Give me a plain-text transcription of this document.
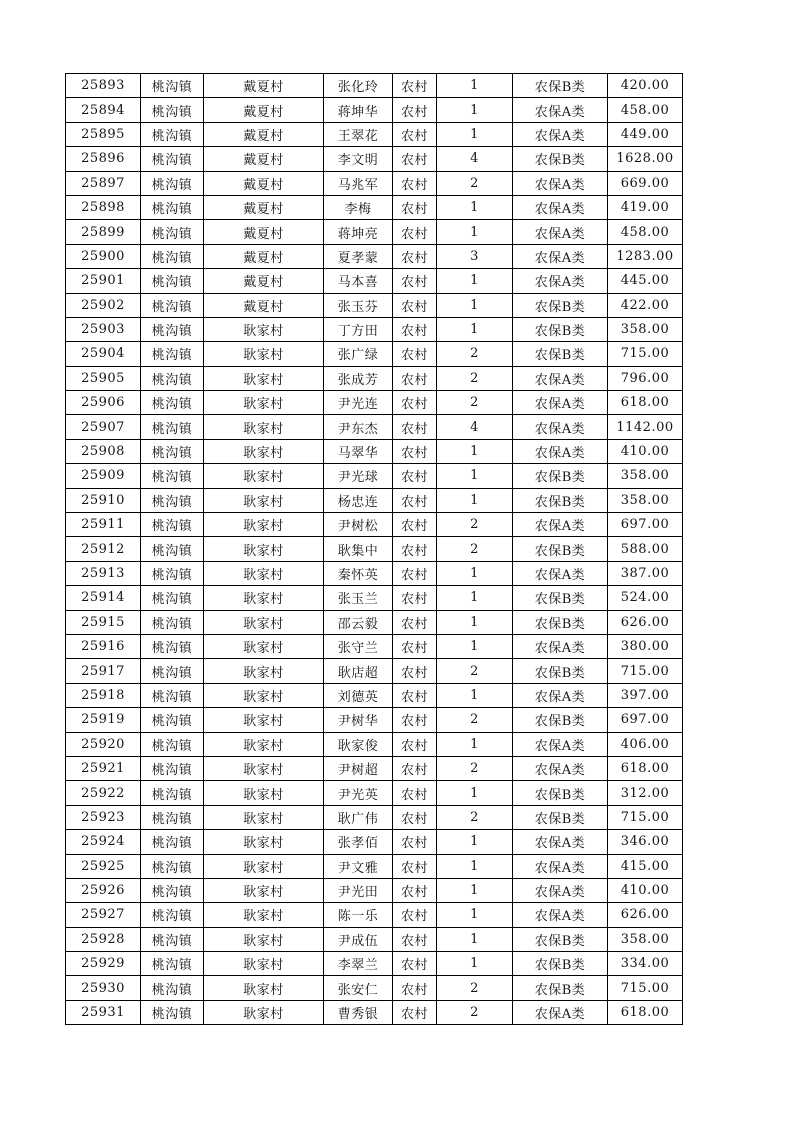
25893	桃沟镇	戴夏村	张化玲	农村	1	农保B类	420.00
25894	桃沟镇	戴夏村	蒋坤华	农村	1	农保A类	458.00
25895	桃沟镇	戴夏村	王翠花	农村	1	农保A类	449.00
25896	桃沟镇	戴夏村	李文明	农村	4	农保B类	1628.00
25897	桃沟镇	戴夏村	马兆军	农村	2	农保A类	669.00
25898	桃沟镇	戴夏村	李梅	农村	1	农保A类	419.00
25899	桃沟镇	戴夏村	蒋坤亮	农村	1	农保A类	458.00
25900	桃沟镇	戴夏村	夏孝蒙	农村	3	农保A类	1283.00
25901	桃沟镇	戴夏村	马本喜	农村	1	农保A类	445.00
25902	桃沟镇	戴夏村	张玉芬	农村	1	农保B类	422.00
25903	桃沟镇	耿家村	丁方田	农村	1	农保B类	358.00
25904	桃沟镇	耿家村	张广绿	农村	2	农保B类	715.00
25905	桃沟镇	耿家村	张成芳	农村	2	农保A类	796.00
25906	桃沟镇	耿家村	尹光连	农村	2	农保A类	618.00
25907	桃沟镇	耿家村	尹东杰	农村	4	农保A类	1142.00
25908	桃沟镇	耿家村	马翠华	农村	1	农保A类	410.00
25909	桃沟镇	耿家村	尹光球	农村	1	农保B类	358.00
25910	桃沟镇	耿家村	杨忠连	农村	1	农保B类	358.00
25911	桃沟镇	耿家村	尹树松	农村	2	农保A类	697.00
25912	桃沟镇	耿家村	耿集中	农村	2	农保B类	588.00
25913	桃沟镇	耿家村	秦怀英	农村	1	农保A类	387.00
25914	桃沟镇	耿家村	张玉兰	农村	1	农保B类	524.00
25915	桃沟镇	耿家村	邵云毅	农村	1	农保B类	626.00
25916	桃沟镇	耿家村	张守兰	农村	1	农保A类	380.00
25917	桃沟镇	耿家村	耿店超	农村	2	农保B类	715.00
25918	桃沟镇	耿家村	刘德英	农村	1	农保A类	397.00
25919	桃沟镇	耿家村	尹树华	农村	2	农保B类	697.00
25920	桃沟镇	耿家村	耿家俊	农村	1	农保A类	406.00
25921	桃沟镇	耿家村	尹树超	农村	2	农保A类	618.00
25922	桃沟镇	耿家村	尹光英	农村	1	农保B类	312.00
25923	桃沟镇	耿家村	耿广伟	农村	2	农保B类	715.00
25924	桃沟镇	耿家村	张孝佰	农村	1	农保A类	346.00
25925	桃沟镇	耿家村	尹文雅	农村	1	农保A类	415.00
25926	桃沟镇	耿家村	尹光田	农村	1	农保A类	410.00
25927	桃沟镇	耿家村	陈一乐	农村	1	农保A类	626.00
25928	桃沟镇	耿家村	尹成伍	农村	1	农保B类	358.00
25929	桃沟镇	耿家村	李翠兰	农村	1	农保B类	334.00
25930	桃沟镇	耿家村	张安仁	农村	2	农保B类	715.00
25931	桃沟镇	耿家村	曹秀银	农村	2	农保A类	618.00
